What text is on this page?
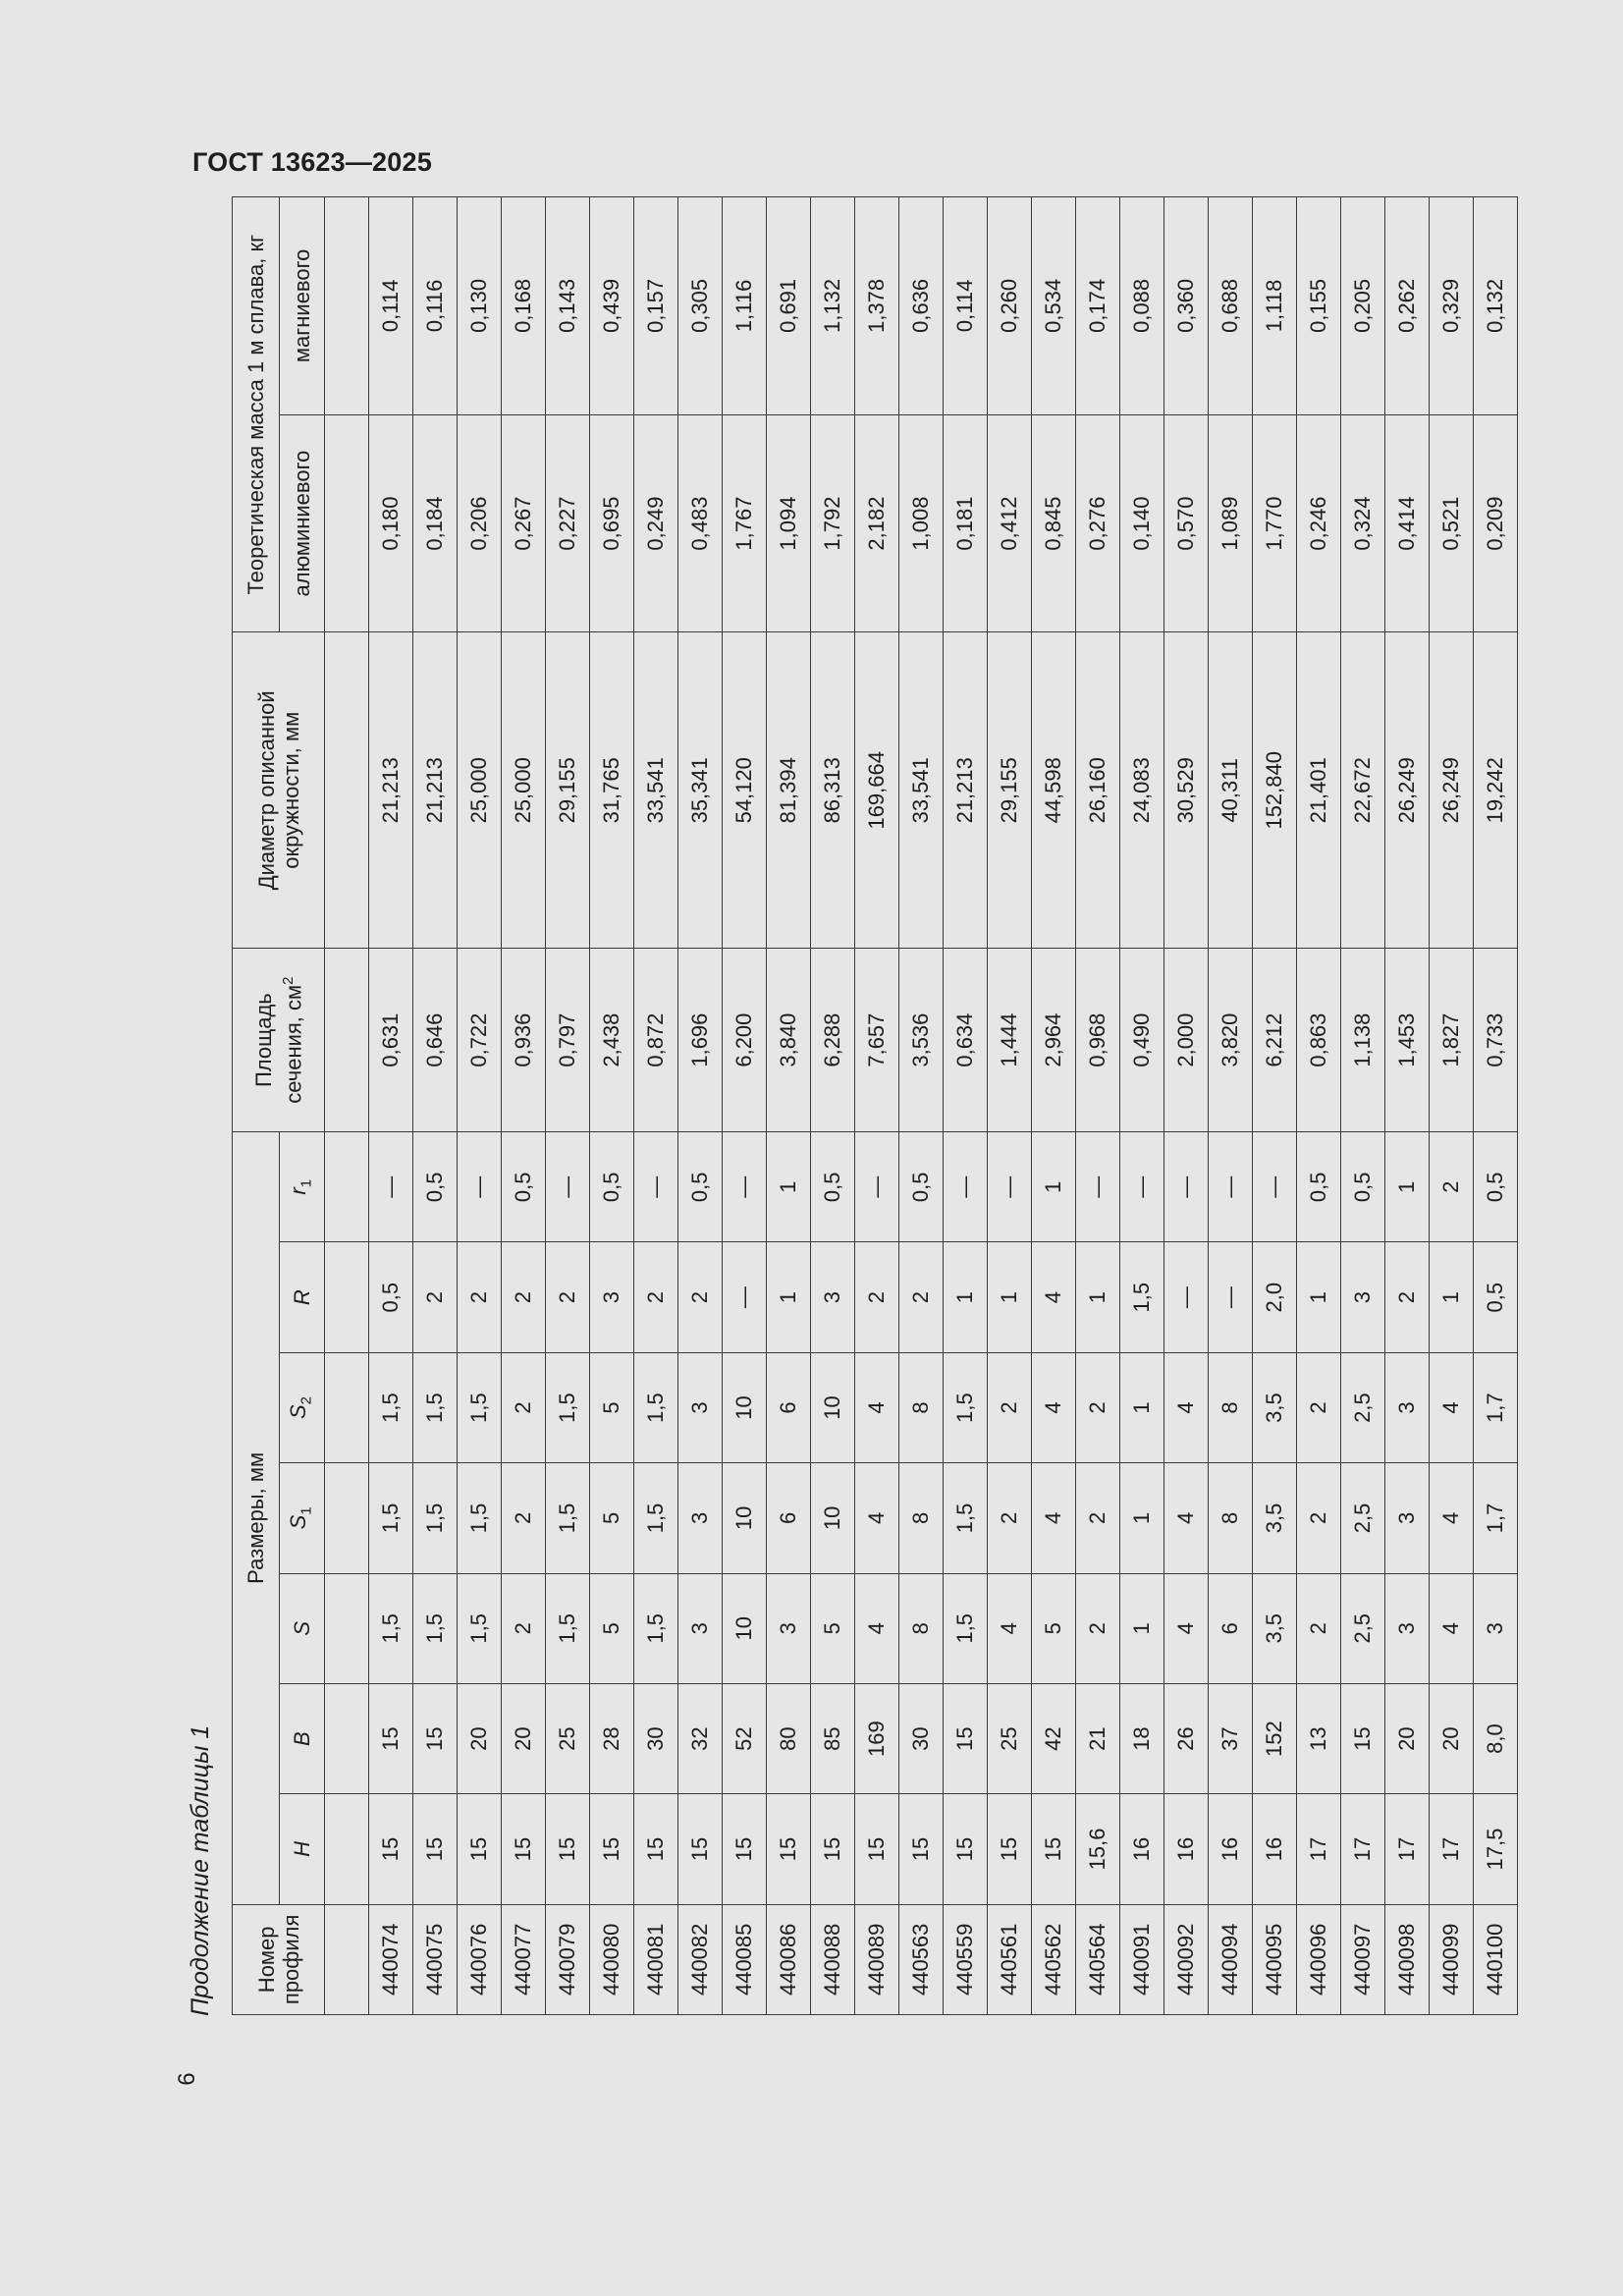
ГОСТ 13623—2025
6
Продолжение таблицы 1 Номер профиля	Размеры, мм							Площадь сечения, $см^2$	Диаметр описанной окружности, мм	Теоретическая масса 1 м сплава, кг	
	H	B	S	$S_1$	$S_2$	R	$r_1$			алюминиевого	магниевого

440074	15	15	1,5	1,5	1,5	0,5	—	0,631	21,213	0,180	0,114
440075	15	15	1,5	1,5	1,5	2	0,5	0,646	21,213	0,184	0,116
440076	15	20	1,5	1,5	1,5	2	—	0,722	25,000	0,206	0,130
440077	15	20	2	2	2	2	0,5	0,936	25,000	0,267	0,168
440079	15	25	1,5	1,5	1,5	2	—	0,797	29,155	0,227	0,143
440080	15	28	5	5	5	3	0,5	2,438	31,765	0,695	0,439
440081	15	30	1,5	1,5	1,5	2	—	0,872	33,541	0,249	0,157
440082	15	32	3	3	3	2	0,5	1,696	35,341	0,483	0,305
440085	15	52	10	10	10	—	—	6,200	54,120	1,767	1,116
440086	15	80	3	6	6	1	1	3,840	81,394	1,094	0,691
440088	15	85	5	10	10	3	0,5	6,288	86,313	1,792	1,132
440089	15	169	4	4	4	2	—	7,657	169,664	2,182	1,378
440563	15	30	8	8	8	2	0,5	3,536	33,541	1,008	0,636
440559	15	15	1,5	1,5	1,5	1	—	0,634	21,213	0,181	0,114
440561	15	25	4	2	2	1	—	1,444	29,155	0,412	0,260
440562	15	42	5	4	4	4	1	2,964	44,598	0,845	0,534
440564	15,6	21	2	2	2	1	—	0,968	26,160	0,276	0,174
440091	16	18	1	1	1	1,5	—	0,490	24,083	0,140	0,088
440092	16	26	4	4	4	—	—	2,000	30,529	0,570	0,360
440094	16	37	6	8	8	—	—	3,820	40,311	1,089	0,688
440095	16	152	3,5	3,5	3,5	2,0	—	6,212	152,840	1,770	1,118
440096	17	13	2	2	2	1	0,5	0,863	21,401	0,246	0,155
440097	17	15	2,5	2,5	2,5	3	0,5	1,138	22,672	0,324	0,205
440098	17	20	3	3	3	2	1	1,453	26,249	0,414	0,262
440099	17	20	4	4	4	1	2	1,827	26,249	0,521	0,329
440100	17,5	8,0	3	1,7	1,7	0,5	0,5	0,733	19,242	0,209	0,132
